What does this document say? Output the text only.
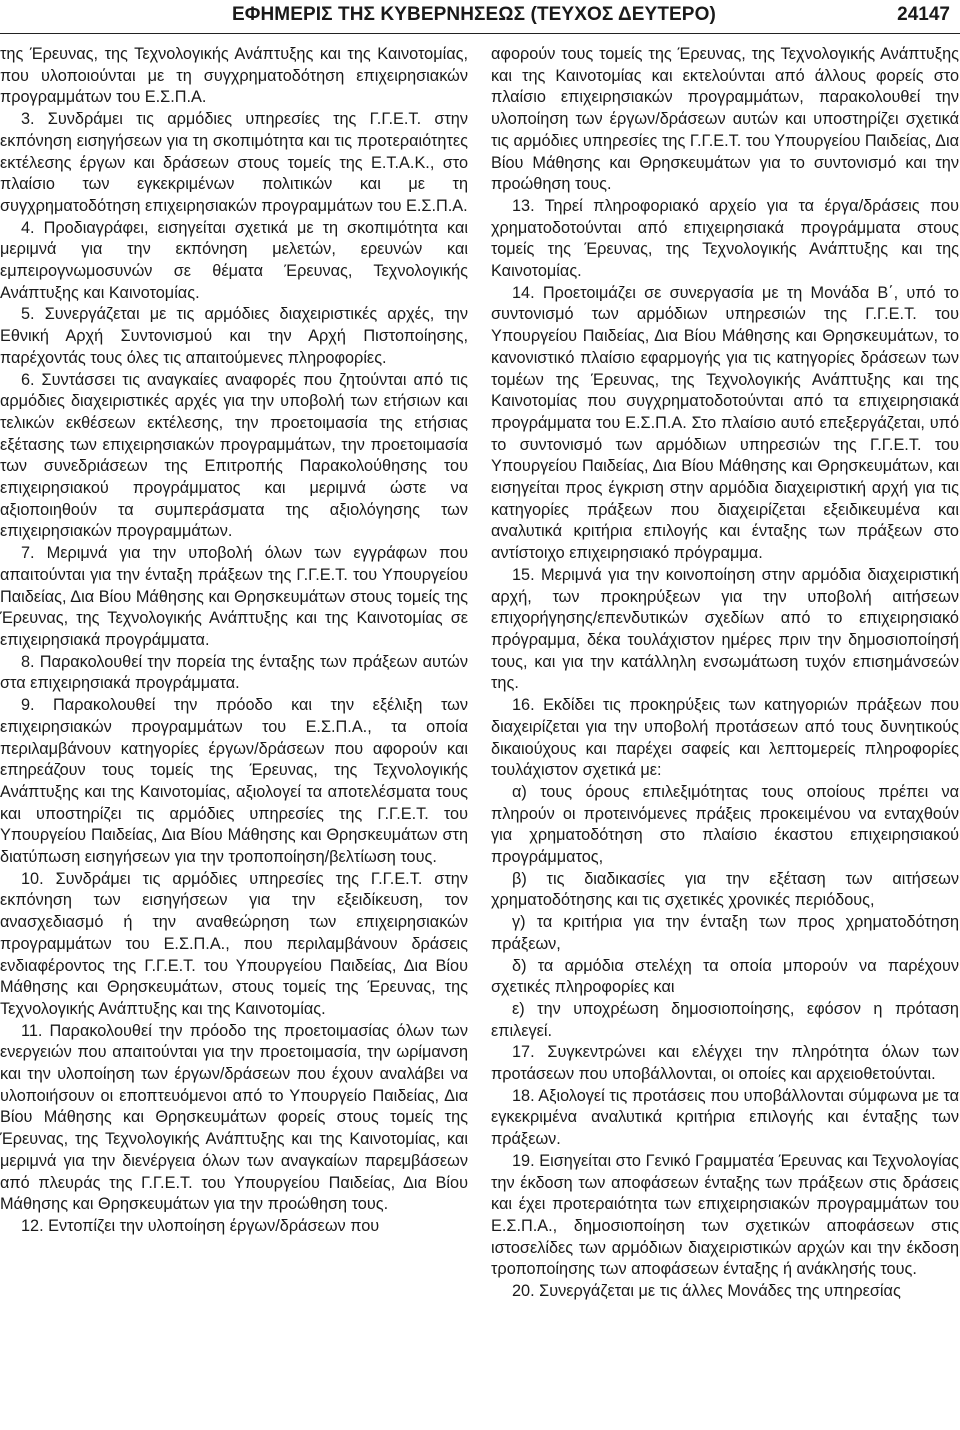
ΕΦΗΜΕΡΙΣ ΤΗΣ ΚΥΒΕΡΝΗΣΕΩΣ (ΤΕΥΧΟΣ ΔΕΥΤΕΡΟ)	24147

της Έρευνας, της Τεχνολογικής Ανάπτυξης και της Καινοτομίας, που υλοποιούνται με τη συγχρηματοδότηση επιχειρησιακών προγραμμάτων του Ε.Σ.Π.Α.

3. Συνδράμει τις αρμόδιες υπηρεσίες της Γ.Γ.Ε.Τ. στην εκπόνηση εισηγήσεων για τη σκοπιμότητα και τις προτεραιότητες εκτέλεσης έργων και δράσεων στους τομείς της Ε.Τ.Α.Κ., στο πλαίσιο των εγκεκριμένων πολιτικών και με τη συγχρηματοδότηση επιχειρησιακών προγραμμάτων του Ε.Σ.Π.Α.

4. Προδιαγράφει, εισηγείται σχετικά με τη σκοπιμότητα και μεριμνά για την εκπόνηση μελετών, ερευνών και εμπειρογνωμοσυνών σε θέματα Έρευνας, Τεχνολογικής Ανάπτυξης και Καινοτομίας.

5. Συνεργάζεται με τις αρμόδιες διαχειριστικές αρχές, την Εθνική Αρχή Συντονισμού και την Αρχή Πιστοποίησης, παρέχοντάς τους όλες τις απαιτούμενες πληροφορίες.

6. Συντάσσει τις αναγκαίες αναφορές που ζητούνται από τις αρμόδιες διαχειριστικές αρχές για την υποβολή των ετήσιων και τελικών εκθέσεων εκτέλεσης, την προετοιμασία της ετήσιας εξέτασης των επιχειρησιακών προγραμμάτων, την προετοιμασία των συνεδριάσεων της Επιτροπής Παρακολούθησης του επιχειρησιακού προγράμματος και μεριμνά ώστε να αξιοποιηθούν τα συμπεράσματα της αξιολόγησης των επιχειρησιακών προγραμμάτων.

7. Μεριμνά για την υποβολή όλων των εγγράφων που απαιτούνται για την ένταξη πράξεων της Γ.Γ.Ε.Τ. του Υπουργείου Παιδείας, Δια Βίου Μάθησης και Θρησκευμάτων στους τομείς της Έρευνας, της Τεχνολογικής Ανάπτυξης και της Καινοτομίας σε επιχειρησιακά προγράμματα.

8. Παρακολουθεί την πορεία της ένταξης των πράξεων αυτών στα επιχειρησιακά προγράμματα.

9. Παρακολουθεί την πρόοδο και την εξέλιξη των επιχειρησιακών προγραμμάτων του Ε.Σ.Π.Α., τα οποία περιλαμβάνουν κατηγορίες έργων/δράσεων που αφορούν και επηρεάζουν τους τομείς της Έρευνας, της Τεχνολογικής Ανάπτυξης και της Καινοτομίας, αξιολογεί τα αποτελέσματα τους και υποστηρίζει τις αρμόδιες υπηρεσίες της Γ.Γ.Ε.Τ. του Υπουργείου Παιδείας, Δια Βίου Μάθησης και Θρησκευμάτων στη διατύπωση εισηγήσεων για την τροποποίηση/βελτίωση τους.

10. Συνδράμει τις αρμόδιες υπηρεσίες της Γ.Γ.Ε.Τ. στην εκπόνηση των εισηγήσεων για την εξειδίκευση, τον ανασχεδιασμό ή την αναθεώρηση των επιχειρησιακών προγραμμάτων του Ε.Σ.Π.Α., που περιλαμβάνουν δράσεις ενδιαφέροντος της Γ.Γ.Ε.Τ. του Υπουργείου Παιδείας, Δια Βίου Μάθησης και Θρησκευμάτων, στους τομείς της Έρευνας, της Τεχνολογικής Ανάπτυξης και της Καινοτομίας.

11. Παρακολουθεί την πρόοδο της προετοιμασίας όλων των ενεργειών που απαιτούνται για την προετοιμασία, την ωρίμανση και την υλοποίηση των έργων/δράσεων που έχουν αναλάβει να υλοποιήσουν οι εποπτευόμενοι από το Υπουργείο Παιδείας, Δια Βίου Μάθησης και Θρησκευμάτων φορείς στους τομείς της Έρευνας, της Τεχνολογικής Ανάπτυξης και της Καινοτομίας, και μεριμνά για την διενέργεια όλων των αναγκαίων παρεμβάσεων από πλευράς της Γ.Γ.Ε.Τ. του Υπουργείου Παιδείας, Δια Βίου Μάθησης και Θρησκευμάτων για την προώθηση τους.

12. Εντοπίζει την υλοποίηση έργων/δράσεων που

αφορούν τους τομείς της Έρευνας, της Τεχνολογικής Ανάπτυξης και της Καινοτομίας και εκτελούνται από άλλους φορείς στο πλαίσιο επιχειρησιακών προγραμμάτων, παρακολουθεί την υλοποίηση των έργων/δράσεων αυτών και υποστηρίζει σχετικά τις αρμόδιες υπηρεσίες της Γ.Γ.Ε.Τ. του Υπουργείου Παιδείας, Δια Βίου Μάθησης και Θρησκευμάτων για το συντονισμό και την προώθηση τους.

13. Τηρεί πληροφοριακό αρχείο για τα έργα/δράσεις που χρηματοδοτούνται από επιχειρησιακά προγράμματα στους τομείς της Έρευνας, της Τεχνολογικής Ανάπτυξης και της Καινοτομίας.

14. Προετοιμάζει σε συνεργασία με τη Μονάδα Β΄, υπό το συντονισμό των αρμόδιων υπηρεσιών της Γ.Γ.Ε.Τ. του Υπουργείου Παιδείας, Δια Βίου Μάθησης και Θρησκευμάτων, το κανονιστικό πλαίσιο εφαρμογής για τις κατηγορίες δράσεων των τομέων της Έρευνας, της Τεχνολογικής Ανάπτυξης και της Καινοτομίας που συγχρηματοδοτούνται από τα επιχειρησιακά προγράμματα του Ε.Σ.Π.Α. Στο πλαίσιο αυτό επεξεργάζεται, υπό το συντονισμό των αρμόδιων υπηρεσιών της Γ.Γ.Ε.Τ. του Υπουργείου Παιδείας, Δια Βίου Μάθησης και Θρησκευμάτων, και εισηγείται προς έγκριση στην αρμόδια διαχειριστική αρχή για τις κατηγορίες πράξεων που διαχειρίζεται εξειδικευμένα και αναλυτικά κριτήρια επιλογής και ένταξης των πράξεων στο αντίστοιχο επιχειρησιακό πρόγραμμα.

15. Μεριμνά για την κοινοποίηση στην αρμόδια διαχειριστική αρχή, των προκηρύξεων για την υποβολή αιτήσεων επιχορήγησης/επενδυτικών σχεδίων από το επιχειρησιακό πρόγραμμα, δέκα τουλάχιστον ημέρες πριν την δημοσιοποίησή τους, και για την κατάλληλη ενσωμάτωση τυχόν επισημάνσεών της.

16. Εκδίδει τις προκηρύξεις των κατηγοριών πράξεων που διαχειρίζεται για την υποβολή προτάσεων από τους δυνητικούς δικαιούχους και παρέχει σαφείς και λεπτομερείς πληροφορίες τουλάχιστον σχετικά με:

α) τους όρους επιλεξιμότητας τους οποίους πρέπει να πληρούν οι προτεινόμενες πράξεις προκειμένου να ενταχθούν για χρηματοδότηση στο πλαίσιο έκαστου επιχειρησιακού προγράμματος,

β) τις διαδικασίες για την εξέταση των αιτήσεων χρηματοδότησης και τις σχετικές χρονικές περιόδους,

γ) τα κριτήρια για την ένταξη των προς χρηματοδότηση πράξεων,

δ) τα αρμόδια στελέχη τα οποία μπορούν να παρέχουν σχετικές πληροφορίες και

ε) την υποχρέωση δημοσιοποίησης, εφόσον η πρόταση επιλεγεί.

17. Συγκεντρώνει και ελέγχει την πληρότητα όλων των προτάσεων που υποβάλλονται, οι οποίες και αρχειοθετούνται.

18. Αξιολογεί τις προτάσεις που υποβάλλονται σύμφωνα με τα εγκεκριμένα αναλυτικά κριτήρια επιλογής και ένταξης των πράξεων.

19. Εισηγείται στο Γενικό Γραμματέα Έρευνας και Τεχνολογίας την έκδοση των αποφάσεων ένταξης των πράξεων στις δράσεις και έχει προτεραιότητα των επιχειρησιακών προγραμμάτων του Ε.Σ.Π.Α., δημοσιοποίηση των σχετικών αποφάσεων στις ιστοσελίδες των αρμόδιων διαχειριστικών αρχών και την έκδοση τροποποίησης των αποφάσεων ένταξης ή ανάκλησής τους.

20. Συνεργάζεται με τις άλλες Μονάδες της υπηρεσίας
